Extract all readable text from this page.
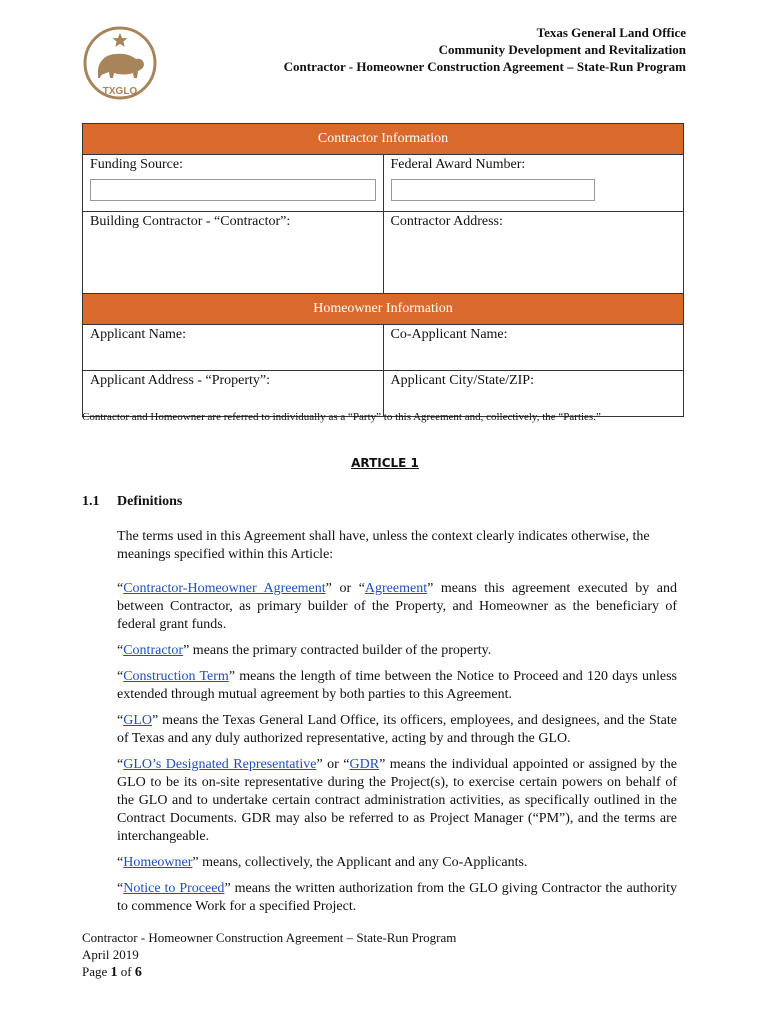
TXGLO
Texas General Land Office
Community Development and Revitalization
Contractor - Homeowner Construction Agreement – State-Run Program
Contractor Information	
Funding Source:	Federal Award Number:

Building Contractor - “Contractor”:	Contractor Address:
Homeowner Information	
Applicant Name:	Co-Applicant Name:
Applicant Address - “Property”:	Applicant City/State/ZIP:
Contractor and Homeowner are referred to individually as a “Party” to this Agreement and, collectively, the “Parties.”
ARTICLE 1
1.1 Definitions

The terms used in this Agreement shall have, unless the context clearly indicates otherwise, the meanings specified within this Article:

“Contractor-Homeowner Agreement” or “Agreement” means this agreement executed by and between Contractor, as primary builder of the Property, and Homeowner as the beneficiary of federal grant funds.

“Contractor” means the primary contracted builder of the property.

“Construction Term” means the length of time between the Notice to Proceed and 120 days unless extended through mutual agreement by both parties to this Agreement.

“GLO” means the Texas General Land Office, its officers, employees, and designees, and the State of Texas and any duly authorized representative, acting by and through the GLO.

“GLO’s Designated Representative” or “GDR” means the individual appointed or assigned by the GLO to be its on-site representative during the Project(s), to exercise certain powers on behalf of the GLO and to undertake certain contract administration activities, as specifically outlined in the Contract Documents. GDR may also be referred to as Project Manager (“PM”), and the terms are interchangeable.

“Homeowner” means, collectively, the Applicant and any Co-Applicants.

“Notice to Proceed” means the written authorization from the GLO giving Contractor the authority to commence Work for a specified Project.

Contractor - Homeowner Construction Agreement – State-Run Program
April 2019
Page 1 of 6
